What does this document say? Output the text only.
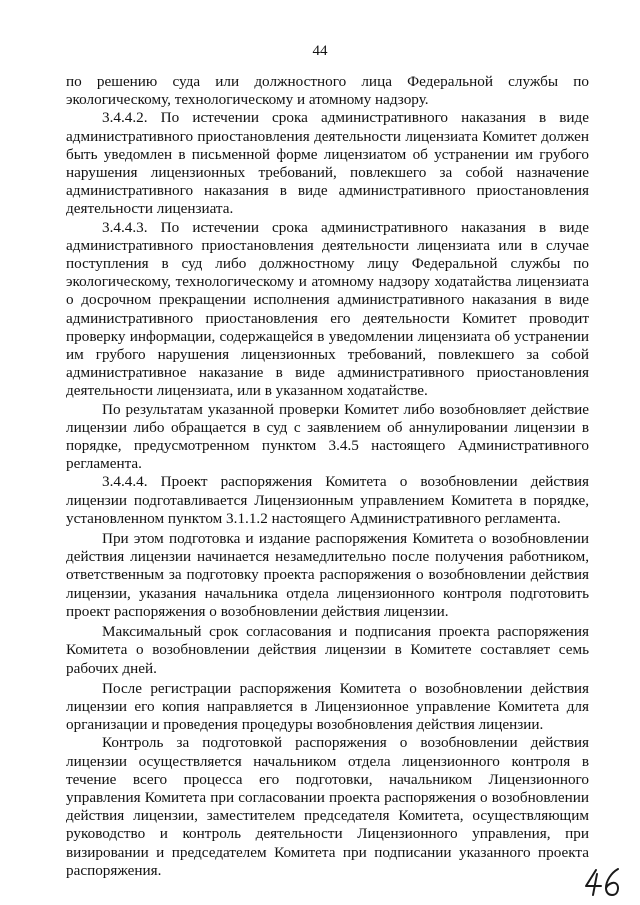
44

по решению суда или должностного лица Федеральной службы по экологическому, технологическому и атомному надзору.

3.4.4.2. По истечении срока административного наказания в виде административного приостановления деятельности лицензиата Комитет должен быть уведомлен в письменной форме лицензиатом об устранении им грубого нарушения лицензионных требований, повлекшего за собой назначение административного наказания в виде административного приостановления деятельности лицензиата.

3.4.4.3. По истечении срока административного наказания в виде административного приостановления деятельности лицензиата или в случае поступления в суд либо должностному лицу Федеральной службы по экологическому, технологическому и атомному надзору ходатайства лицензиата о досрочном прекращении исполнения административного наказания в виде административного приостановления его деятельности Комитет проводит проверку информации, содержащейся в уведомлении лицензиата об устранении им грубого нарушения лицензионных требований, повлекшего за собой административное наказание в виде административного приостановления деятельности лицензиата, или в указанном ходатайстве.

По результатам указанной проверки Комитет либо возобновляет действие лицензии либо обращается в суд с заявлением об аннулировании лицензии в порядке, предусмотренном пунктом 3.4.5 настоящего Административного регламента.

3.4.4.4. Проект распоряжения Комитета о возобновлении действия лицензии подготавливается Лицензионным управлением Комитета в порядке, установленном пунктом 3.1.1.2 настоящего Административного регламента.

При этом подготовка и издание распоряжения Комитета о возобновлении действия лицензии начинается незамедлительно после получения работником, ответственным за подготовку проекта распоряжения о возобновлении действия лицензии, указания начальника отдела лицензионного контроля подготовить проект распоряжения о возобновлении действия лицензии.

Максимальный срок согласования и подписания проекта распоряжения Комитета о возобновлении действия лицензии в Комитете составляет семь рабочих дней.

После регистрации распоряжения Комитета о возобновлении действия лицензии его копия направляется в Лицензионное управление Комитета для организации и проведения процедуры возобновления действия лицензии.

Контроль за подготовкой распоряжения о возобновлении действия лицензии осуществляется начальником отдела лицензионного контроля в течение всего процесса его подготовки, начальником Лицензионного управления Комитета при согласовании проекта распоряжения о возобновлении действия лицензии, заместителем председателя Комитета, осуществляющим руководство и контроль деятельности Лицензионного управления, при визировании и председателем Комитета при подписании указанного проекта распоряжения.
